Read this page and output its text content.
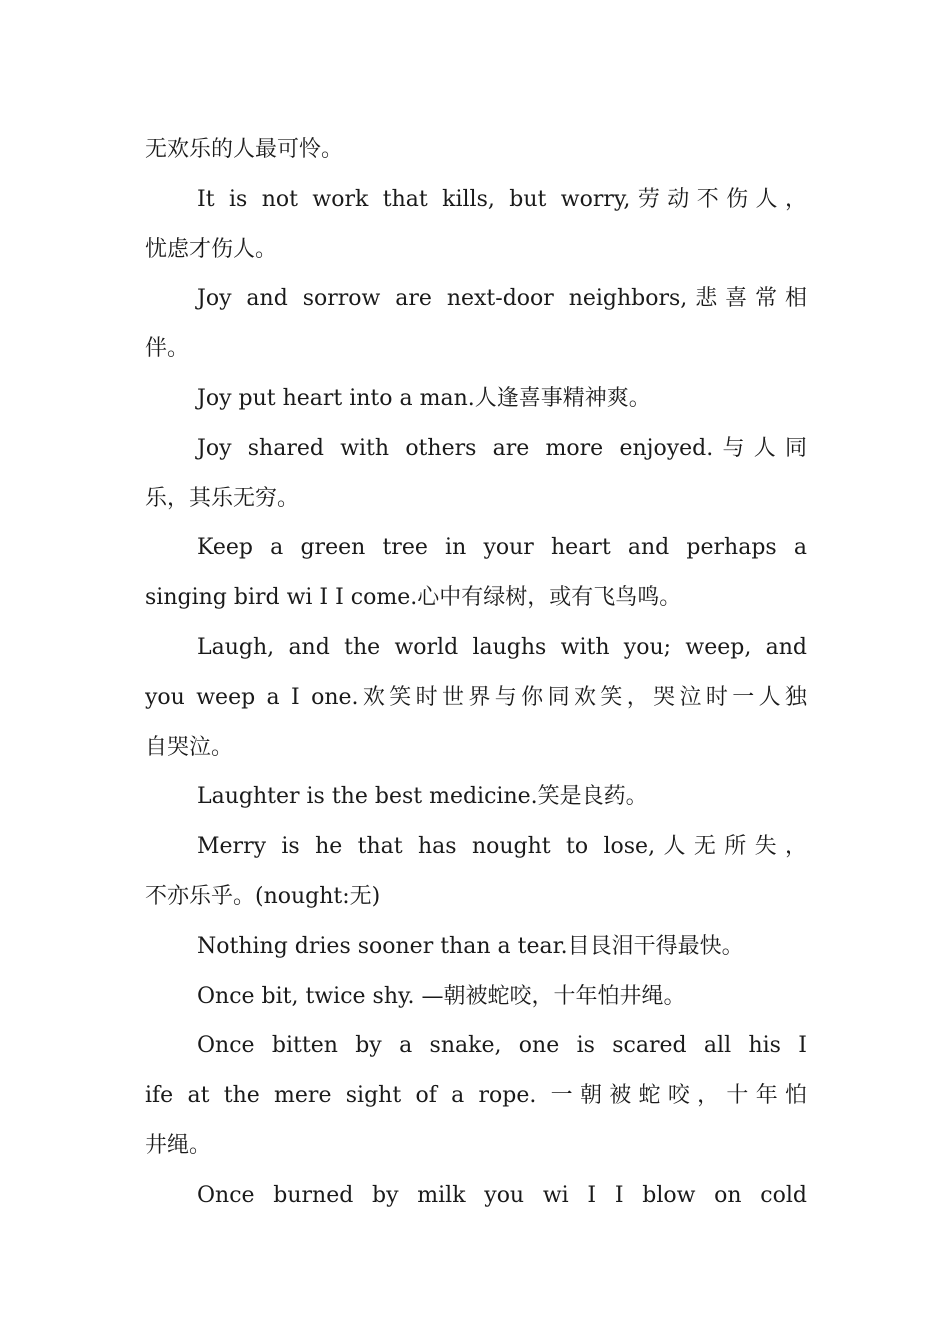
无欢乐的人最可怜。
It is not work that kills, but worry,劳动不伤人，
忧虑才伤人。
Joy and sorrow are next-door neighbors,悲喜常相
伴。
Joy put heart into a man.人逢喜事精神爽。
Joy shared with others are more enjoyed.与人同
乐，其乐无穷。
Keep a green tree in your heart and perhaps a
singing bird wi I I come.心中有绿树，或有飞鸟鸣。
Laugh, and the world laughs with you; weep, and
you weep a I one.欢笑时世界与你同欢笑，哭泣时一人独
自哭泣。
Laughter is the best medicine.笑是良药。
Merry is he that has nought to lose,人无所失，
不亦乐乎。(nought:无)
Nothing dries sooner than a tear.目艮泪干得最快。
Once bit, twice shy. —朝被蛇咬，十年怕井绳。
Once bitten by a snake, one is scared all his I
ife at the mere sight of a rope. 一朝被蛇咬，十年怕
井绳。
Once burned by milk you wi I I blow on cold
